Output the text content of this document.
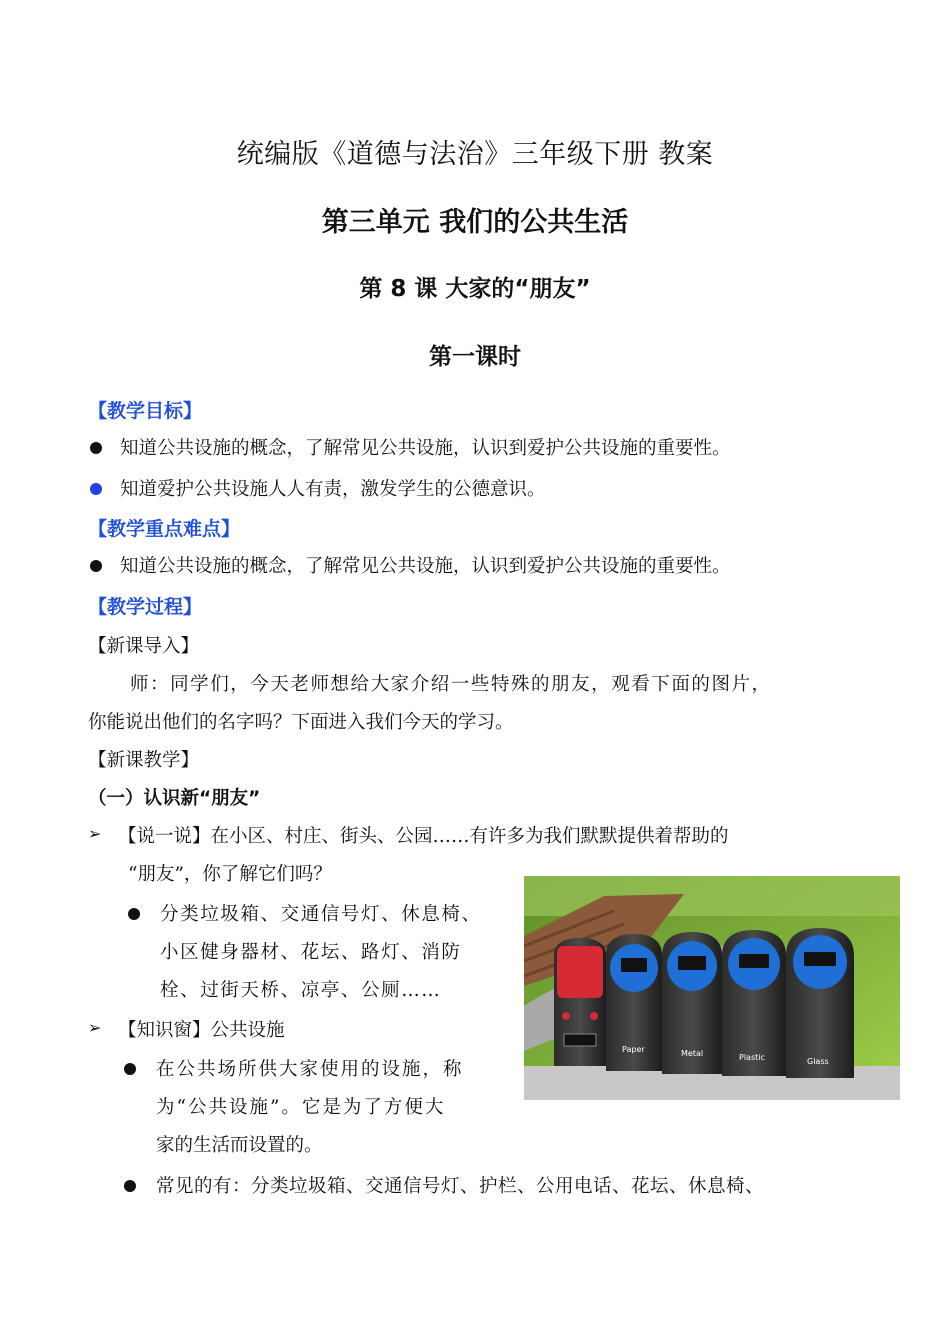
统编版《道德与法治》三年级下册 教案
第三单元 我们的公共生活
第 8 课 大家的“朋友”
第一课时
【教学目标】
知道公共设施的概念，了解常见公共设施，认识到爱护公共设施的重要性。
知道爱护公共设施人人有责，激发学生的公德意识。
【教学重点难点】
知道公共设施的概念，了解常见公共设施，认识到爱护公共设施的重要性。
【教学过程】
【新课导入】
师：同学们，今天老师想给大家介绍一些特殊的朋友，观看下面的图片，
你能说出他们的名字吗？下面进入我们今天的学习。
【新课教学】
（一）认识新“朋友”
➢ 【说一说】在小区、村庄、街头、公园……有许多为我们默默提供着帮助的
“朋友”，你了解它们吗？
分类垃圾箱、交通信号灯、休息椅、
小区健身器材、花坛、路灯、消防
栓、过街天桥、凉亭、公厕……
➢ 【知识窗】公共设施
在公共场所供大家使用的设施，称
为“公共设施”。它是为了方便大
家的生活而设置的。
常见的有：分类垃圾箱、交通信号灯、护栏、公用电话、花坛、休息椅、
Paper	Metal	Plastic	Glass
